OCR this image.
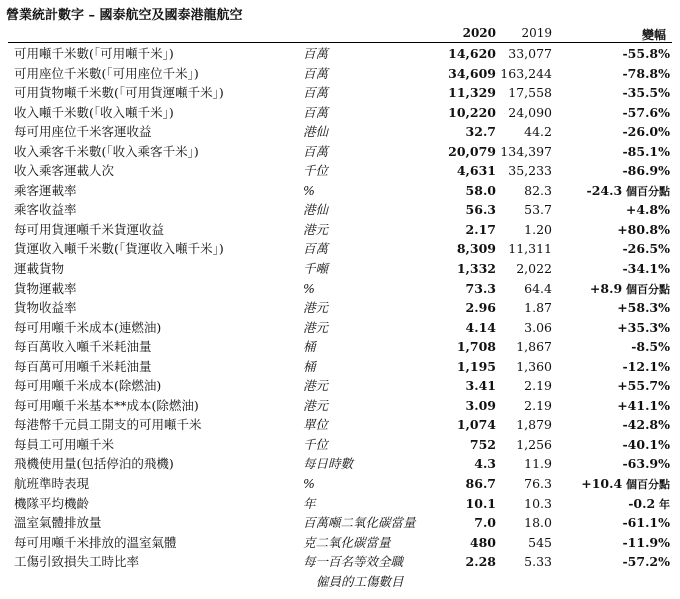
營業統計數字 – 國泰航空及國泰港龍航空
2020 2019	變幅
可用噸千米數(「可用噸千米」)	百萬	14,620 33,077	-55.8%
可用座位千米數(「可用座位千米」)	百萬	34,609 163,244	-78.8%
可用貨物噸千米數(「可用貨運噸千米」)	百萬	11,329 17,558	-35.5%
收入噸千米數(「收入噸千米」)	百萬	10,220 24,090	-57.6%
每可用座位千米客運收益	港仙	32.7 44.2	-26.0%
收入乘客千米數(「收入乘客千米」)	百萬	20,079 134,397	-85.1%
收入乘客運載人次	千位	4,631 35,233	-86.9%
乘客運載率	%	58.0 82.3	-24.3 個百分點
乘客收益率	港仙	56.3 53.7	+4.8%
每可用貨運噸千米貨運收益	港元	2.17 1.20	+80.8%
貨運收入噸千米數(「貨運收入噸千米」)	百萬	8,309 11,311	-26.5%
運載貨物	千噸	1,332 2,022	-34.1%
貨物運載率	%	73.3 64.4	+8.9 個百分點
貨物收益率	港元	2.96 1.87	+58.3%
每可用噸千米成本(連燃油)	港元	4.14 3.06	+35.3%
每百萬收入噸千米耗油量	桶	1,708 1,867	-8.5%
每百萬可用噸千米耗油量	桶	1,195 1,360	-12.1%
每可用噸千米成本(除燃油)	港元	3.41 2.19	+55.7%
每可用噸千米基本**成本(除燃油)	港元	3.09 2.19	+41.1%
每港幣千元員工開支的可用噸千米	單位	1,074 1,879	-42.8%
每員工可用噸千米	千位	752 1,256	-40.1%
飛機使用量(包括停泊的飛機)	每日時數	4.3 11.9	-63.9%
航班準時表現	%	86.7 76.3 +10.4 個百分點
機隊平均機齡	年	10.1 10.3	-0.2 年
溫室氣體排放量	百萬噸二氧化碳當量	7.0 18.0	-61.1%
每可用噸千米排放的溫室氣體	克二氧化碳當量	480	545	-11.9%
工傷引致損失工時比率	每一百名等效全職	2.28 5.33	-57.2%
僱員的工傷數目
